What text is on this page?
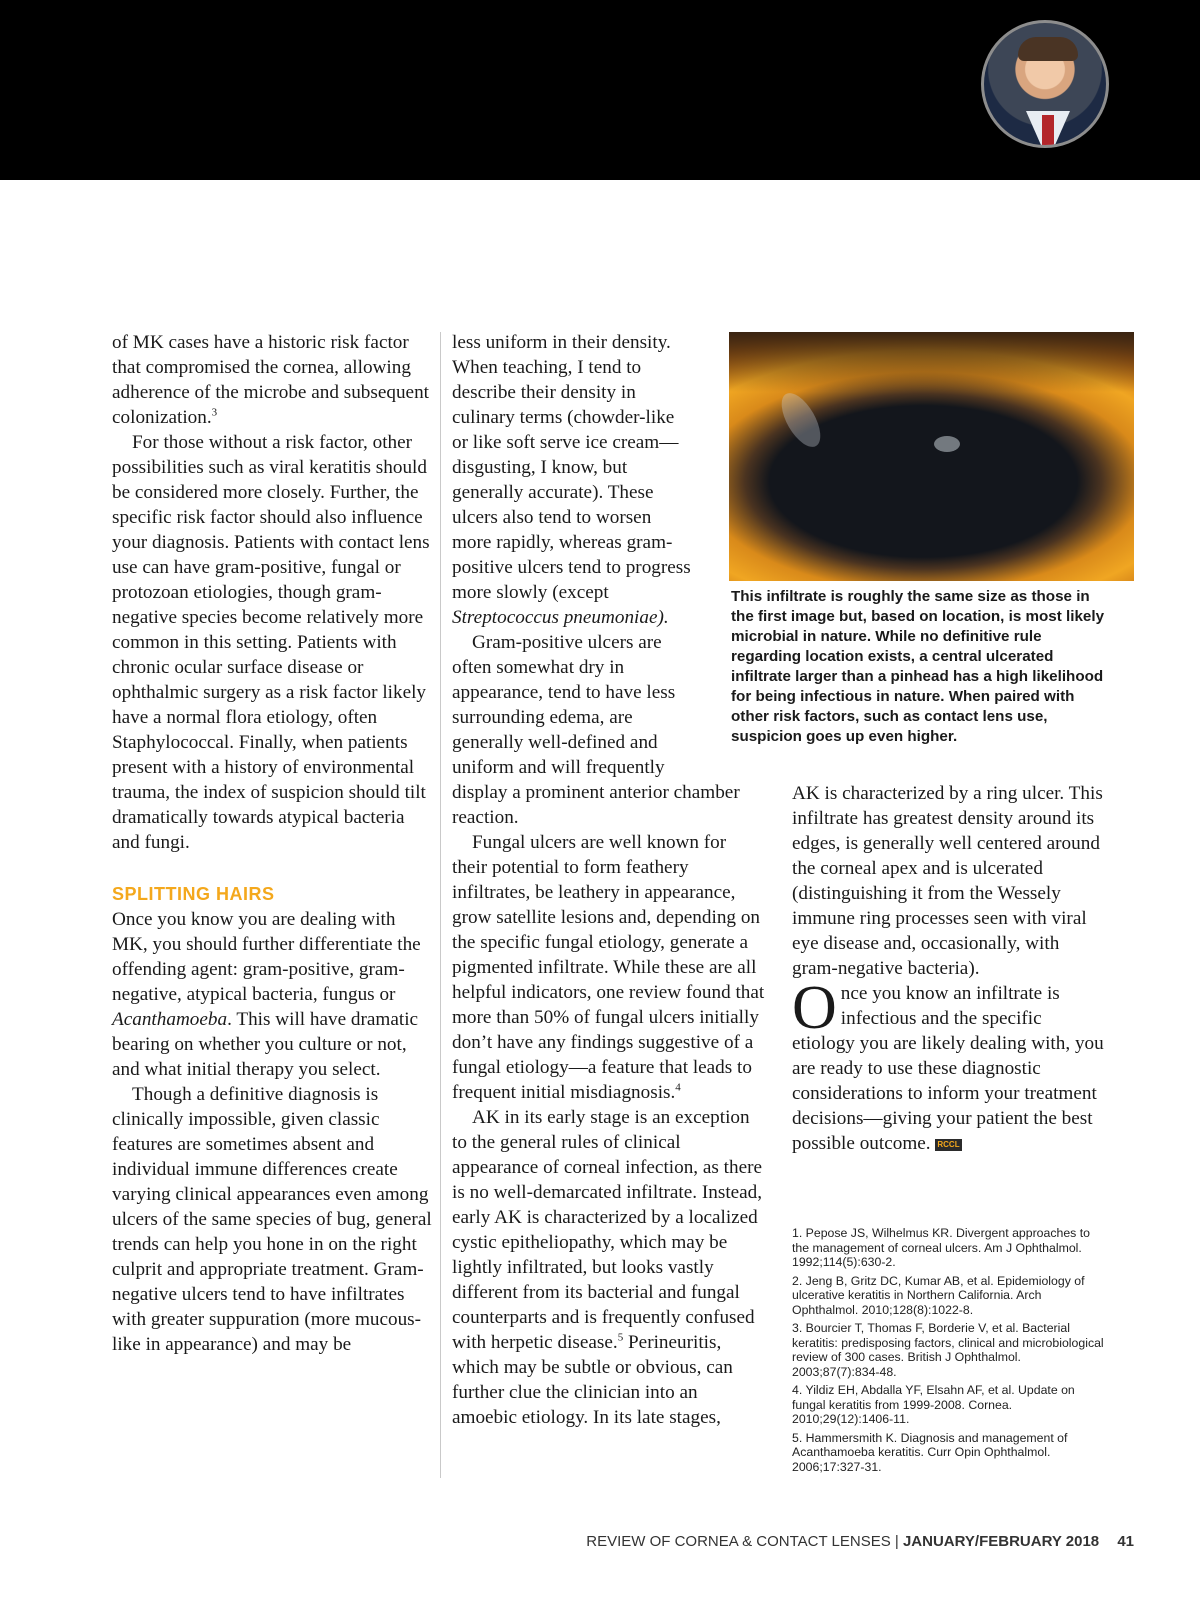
of MK cases have a historic risk factor that compromised the cornea, allowing adherence of the microbe and subsequent colonization.$^3$

For those without a risk factor, other possibilities such as viral keratitis should be considered more closely. Further, the specific risk factor should also influence your diagnosis. Patients with contact lens use can have gram-positive, fungal or protozoan etiologies, though gram-negative species become relatively more common in this setting. Patients with chronic ocular surface disease or ophthalmic surgery as a risk factor likely have a normal flora etiology, often Staphylococcal. Finally, when patients present with a history of environmental trauma, the index of suspicion should tilt dramatically towards atypical bacteria and fungi.

SPLITTING HAIRS

Once you know you are dealing with MK, you should further differentiate the offending agent: gram-positive, gram-negative, atypical bacteria, fungus or Acanthamoeba. This will have dramatic bearing on whether you culture or not, and what initial therapy you select.

Though a definitive diagnosis is clinically impossible, given classic features are sometimes absent and individual immune differences create varying clinical appearances even among ulcers of the same species of bug, general trends can help you hone in on the right culprit and appropriate treatment. Gram-negative ulcers tend to have infiltrates with greater suppuration (more mucous-like in appearance) and may be

less uniform in their density. When teaching, I tend to describe their density in culinary terms (chowder-like or like soft serve ice cream—disgusting, I know, but generally accurate). These ulcers also tend to worsen more rapidly, whereas gram-positive ulcers tend to progress more slowly (except Streptococcus pneumoniae).

Gram-positive ulcers are often somewhat dry in appearance, tend to have less surrounding edema, are generally well-defined and uniform and will frequently

display a prominent anterior chamber reaction.

Fungal ulcers are well known for their potential to form feathery infiltrates, be leathery in appearance, grow satellite lesions and, depending on the specific fungal etiology, generate a pigmented infiltrate. While these are all helpful indicators, one review found that more than 50% of fungal ulcers initially don’t have any findings suggestive of a fungal etiology—a feature that leads to frequent initial misdiagnosis.$^4$

AK in its early stage is an exception to the general rules of clinical appearance of corneal infection, as there is no well-demarcated infiltrate. Instead, early AK is characterized by a localized cystic epitheliopathy, which may be lightly infiltrated, but looks vastly different from its bacterial and fungal counterparts and is frequently confused with herpetic disease.$^5$ Perineuritis, which may be subtle or obvious, can further clue the clinician into an amoebic etiology. In its late stages,

This infiltrate is roughly the same size as those in the first image but, based on location, is most likely microbial in nature. While no definitive rule regarding location exists, a central ulcerated infiltrate larger than a pinhead has a high likelihood for being infectious in nature. When paired with other risk factors, such as contact lens use, suspicion goes up even higher.

AK is characterized by a ring ulcer. This infiltrate has greatest density around its edges, is generally well centered around the corneal apex and is ulcerated (distinguishing it from the Wessely immune ring processes seen with viral eye disease and, occasionally, with gram-negative bacteria).

Once you know an infiltrate is infectious and the specific etiology you are likely dealing with, you are ready to use these diagnostic considerations to inform your treatment decisions—giving your patient the best possible outcome. RCCL

1. Pepose JS, Wilhelmus KR. Divergent approaches to the management of corneal ulcers. Am J Ophthalmol. 1992;114(5):630-2.
2. Jeng B, Gritz DC, Kumar AB, et al. Epidemiology of ulcerative keratitis in Northern California. Arch Ophthalmol. 2010;128(8):1022-8.
3. Bourcier T, Thomas F, Borderie V, et al. Bacterial keratitis: predisposing factors, clinical and microbiological review of 300 cases. British J Ophthalmol. 2003;87(7):834-48.
4. Yildiz EH, Abdalla YF, Elsahn AF, et al. Update on fungal keratitis from 1999-2008. Cornea. 2010;29(12):1406-11.
5. Hammersmith K. Diagnosis and management of Acanthamoeba keratitis. Curr Opin Ophthalmol. 2006;17:327-31.
REVIEW OF CORNEA & CONTACT LENSES | JANUARY/FEBRUARY 2018 41
